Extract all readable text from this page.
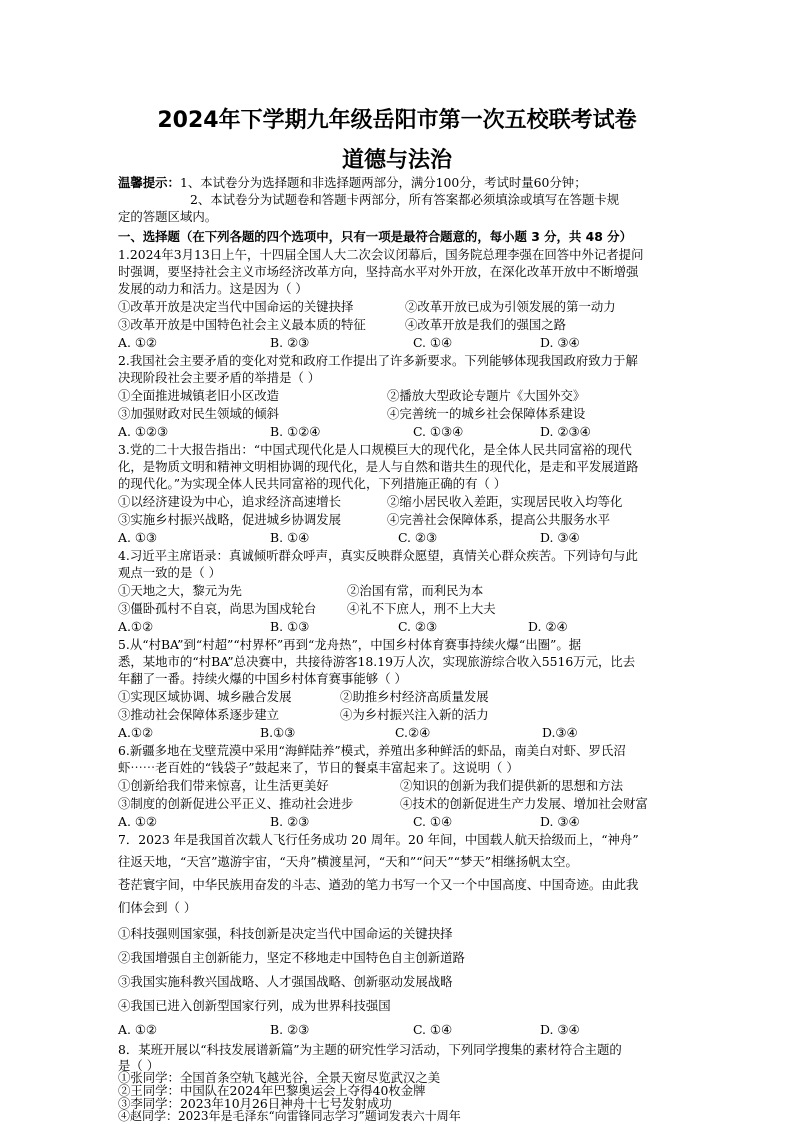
2024年下学期九年级岳阳市第一次五校联考试卷
道德与法治
温馨提示：1、本试卷分为选择题和非选择题两部分，满分100分，考试时量60分钟；
2、本试卷分为试题卷和答题卡两部分，所有答案都必须填涂或填写在答题卡规
定的答题区域内。
一、选择题（在下列各题的四个选项中，只有一项是最符合题意的，每小题 3 分，共 48 分）
1.2024年3月13日上午，十四届全国人大二次会议闭幕后，国务院总理李强在回答中外记者提问
时强调，要坚持社会主义市场经济改革方向，坚持高水平对外开放，在深化改革开放中不断增强
发展的动力和活力。这是因为（ ）
①改革开放是决定当代中国命运的关键抉择	②改革开放已成为引领发展的第一动力
③改革开放是中国特色社会主义最本质的特征	④改革开放是我们的强国之路
A. ①②	B. ②③	C. ①④	D. ③④
2.我国社会主要矛盾的变化对党和政府工作提出了许多新要求。下列能够体现我国政府致力于解
决现阶段社会主要矛盾的举措是（ ）
①全面推进城镇老旧小区改造	②播放大型政论专题片《大国外交》
③加强财政对民生领域的倾斜	④完善统一的城乡社会保障体系建设
A. ①②③	B. ①②④	C. ①③④	D. ②③④
3.党的二十大报告指出：“中国式现代化是人口规模巨大的现代化，是全体人民共同富裕的现代
化，是物质文明和精神文明相协调的现代化，是人与自然和谐共生的现代化，是走和平发展道路
的现代化。”为实现全体人民共同富裕的现代化，下列措施正确的有（ ）
①以经济建设为中心，追求经济高速增长	②缩小居民收入差距，实现居民收入均等化
③实施乡村振兴战略，促进城乡协调发展	④完善社会保障体系，提高公共服务水平
A. ①③	B. ①④	C. ②③	D. ③④
4.习近平主席语录：真诚倾听群众呼声，真实反映群众愿望，真情关心群众疾苦。下列诗句与此
观点一致的是（ ）
①天地之大，黎元为先	②治国有常，而利民为本
③僵卧孤村不自哀，尚思为国戍轮台 ④礼不下庶人，刑不上大夫
A.①②	B. ①③	C. ②③	D. ②④
5.从“村BA”到“村超”“村界杯”再到“龙舟热”，中国乡村体育赛事持续火爆“出圈”。据
悉，某地市的“村BA”总决赛中，共接待游客18.19万人次，实现旅游综合收入5516万元，比去
年翻了一番。持续火爆的中国乡村体育赛事能够（ ）
①实现区域协调、城乡融合发展	②助推乡村经济高质量发展
③推动社会保障体系逐步建立	④为乡村振兴注入新的活力
A.①②	B.①③	C.②④	D.③④
6.新疆多地在戈壁荒漠中采用“海鲜陆养”模式，养殖出多种鲜活的虾品，南美白对虾、罗氏沼
虾⋯⋯老百姓的“钱袋子”鼓起来了，节日的餐桌丰富起来了。这说明（ ）
①创新给我们带来惊喜，让生活更美好	②知识的创新为我们提供新的思想和方法
③制度的创新促进公平正义、推动社会进步	④技术的创新促进生产力发展、增加社会财富
A. ①②	B. ②③	C. ①④	D. ③④
7．2023 年是我国首次载人飞行任务成功 20 周年。20 年间，中国载人航天拾级而上，“神舟”
往返天地，“天宫”遨游宇宙，“天舟”横渡星河，“天和”“问天”“梦天”相继扬帆太空。
苍茫寰宇间，中华民族用奋发的斗志、遒劲的笔力书写一个又一个中国高度、中国奇迹。由此我
们体会到（ ）
①科技强则国家强，科技创新是决定当代中国命运的关键抉择
②我国增强自主创新能力，坚定不移地走中国特色自主创新道路
③我国实施科教兴国战略、人才强国战略、创新驱动发展战略
④我国已进入创新型国家行列，成为世界科技强国
A. ①②	B. ②③	C. ①④	D. ③④
8．某班开展以“科技发展谱新篇”为主题的研究性学习活动，下列同学搜集的素材符合主题的
是（ ）
①张同学：全国首条空轨飞越光谷，全景天窗尽览武汉之美
②王同学：中国队在2024年巴黎奥运会上夺得40枚金牌
③李同学：2023年10月26日神舟十七号发射成功
④赵同学：2023年是毛泽东“向雷锋同志学习”题词发表六十周年
